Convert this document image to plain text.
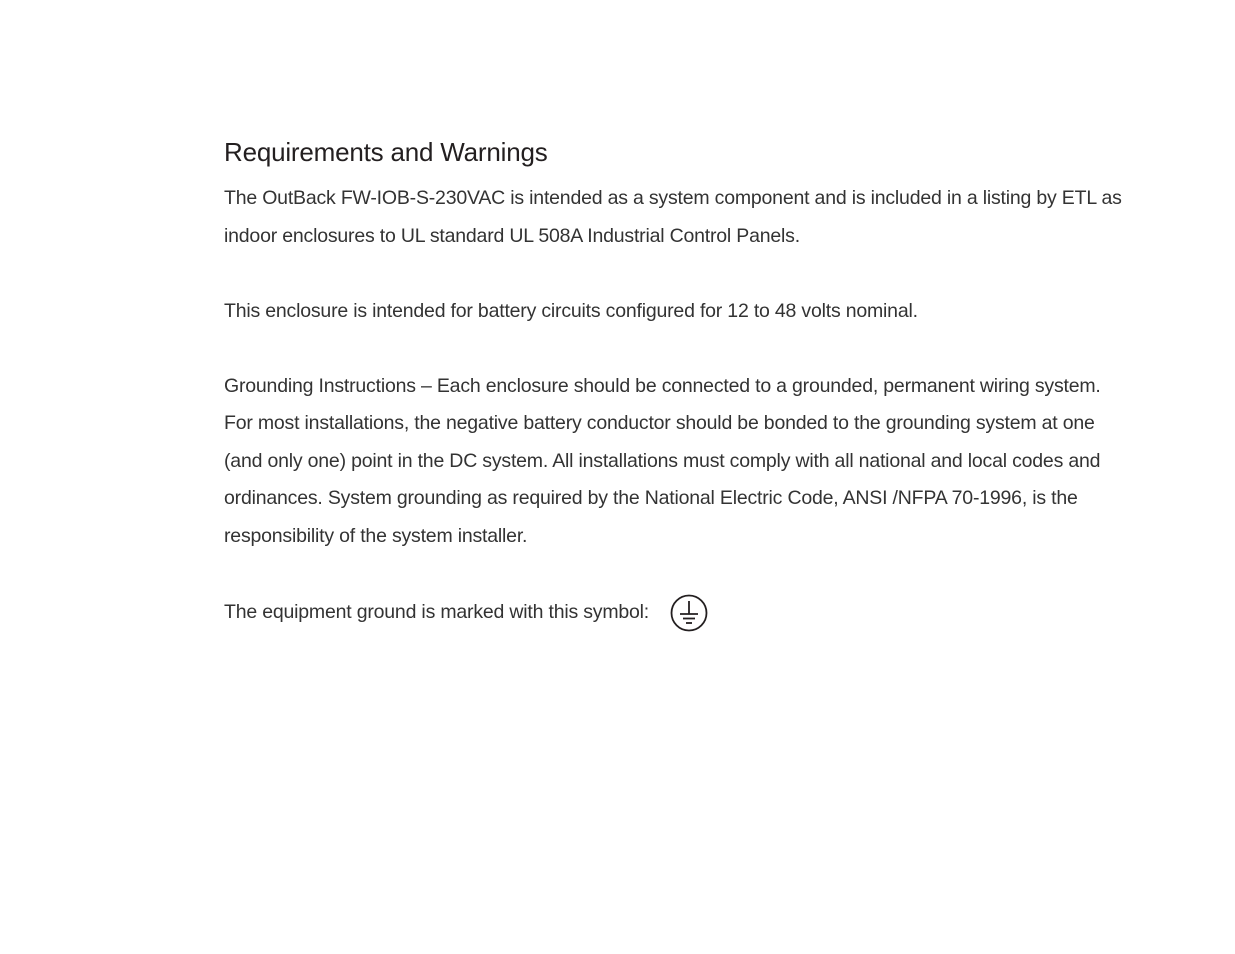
Requirements and Warnings

The OutBack FW-IOB-S-230VAC is intended as a system component and is included in a listing by ETL as indoor enclosures to UL standard UL 508A Industrial Control Panels.

This enclosure is intended for battery circuits configured for 12 to 48 volts nominal.

Grounding Instructions – Each enclosure should be connected to a grounded, permanent wiring system. For most installations, the negative battery conductor should be bonded to the grounding system at one (and only one) point in the DC system. All installations must comply with all national and local codes and ordinances. System grounding as required by the National Electric Code, ANSI /NFPA 70-1996, is the responsibility of the system installer.

The equipment ground is marked with this symbol:
